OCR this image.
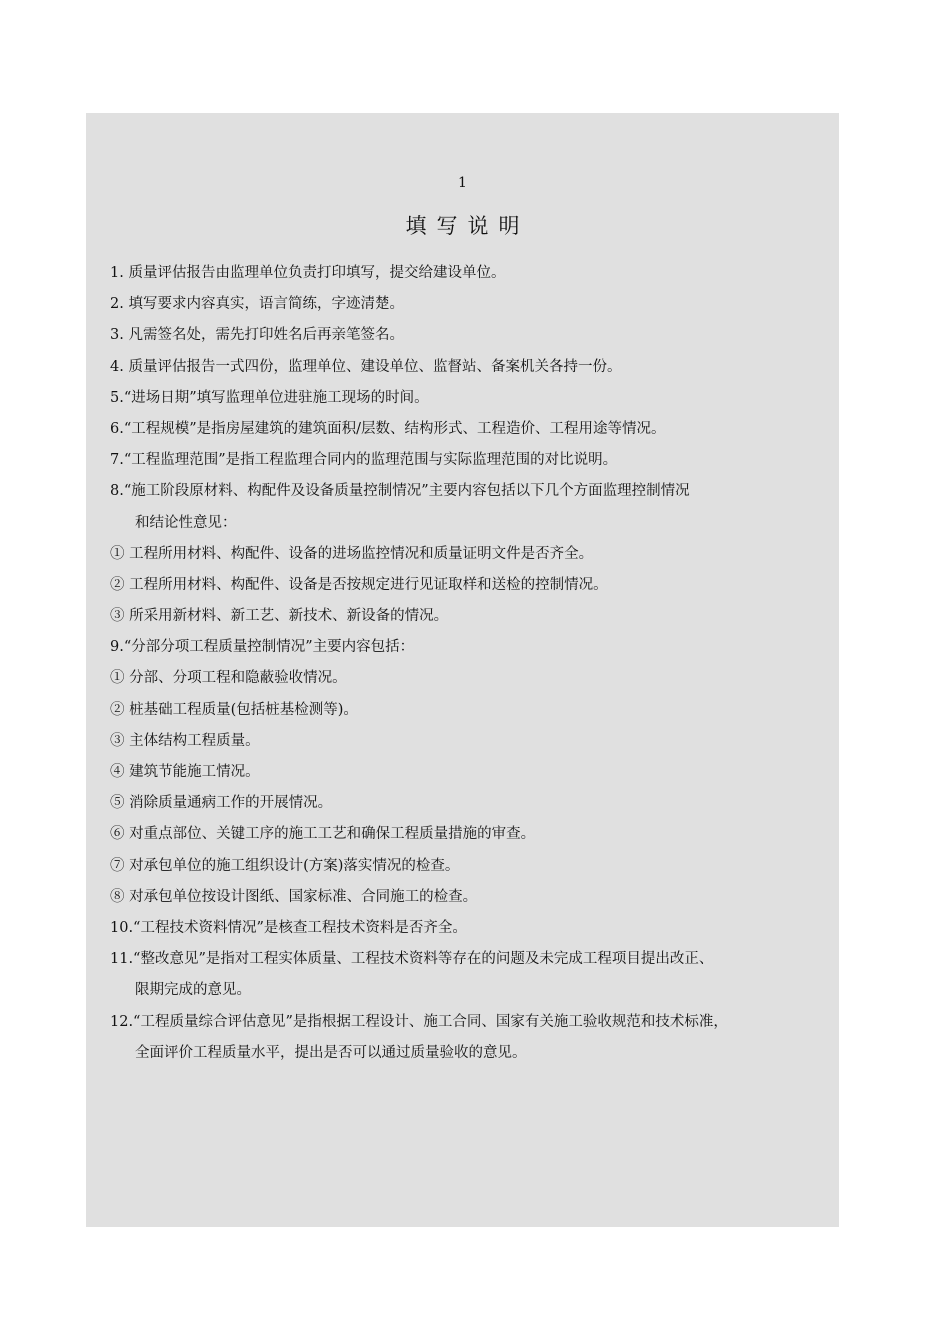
1
填写说明
1. 质量评估报告由监理单位负责打印填写，提交给建设单位。
2. 填写要求内容真实，语言简练，字迹清楚。
3. 凡需签名处，需先打印姓名后再亲笔签名。
4. 质量评估报告一式四份，监理单位、建设单位、监督站、备案机关各持一份。
5.“进场日期”填写监理单位进驻施工现场的时间。
6.“工程规模”是指房屋建筑的建筑面积/层数、结构形式、工程造价、工程用途等情况。
7.“工程监理范围”是指工程监理合同内的监理范围与实际监理范围的对比说明。
8.“施工阶段原材料、构配件及设备质量控制情况”主要内容包括以下几个方面监理控制情况
和结论性意见：
① 工程所用材料、构配件、设备的进场监控情况和质量证明文件是否齐全。
② 工程所用材料、构配件、设备是否按规定进行见证取样和送检的控制情况。
③ 所采用新材料、新工艺、新技术、新设备的情况。
9.“分部分项工程质量控制情况”主要内容包括：
① 分部、分项工程和隐蔽验收情况。
② 桩基础工程质量(包括桩基检测等)。
③ 主体结构工程质量。
④ 建筑节能施工情况。
⑤ 消除质量通病工作的开展情况。
⑥ 对重点部位、关键工序的施工工艺和确保工程质量措施的审查。
⑦ 对承包单位的施工组织设计(方案)落实情况的检查。
⑧ 对承包单位按设计图纸、国家标准、合同施工的检查。
10.“工程技术资料情况”是核查工程技术资料是否齐全。
11.“整改意见”是指对工程实体质量、工程技术资料等存在的问题及未完成工程项目提出改正、
限期完成的意见。
12.“工程质量综合评估意见”是指根据工程设计、施工合同、国家有关施工验收规范和技术标准，
全面评价工程质量水平，提出是否可以通过质量验收的意见。
